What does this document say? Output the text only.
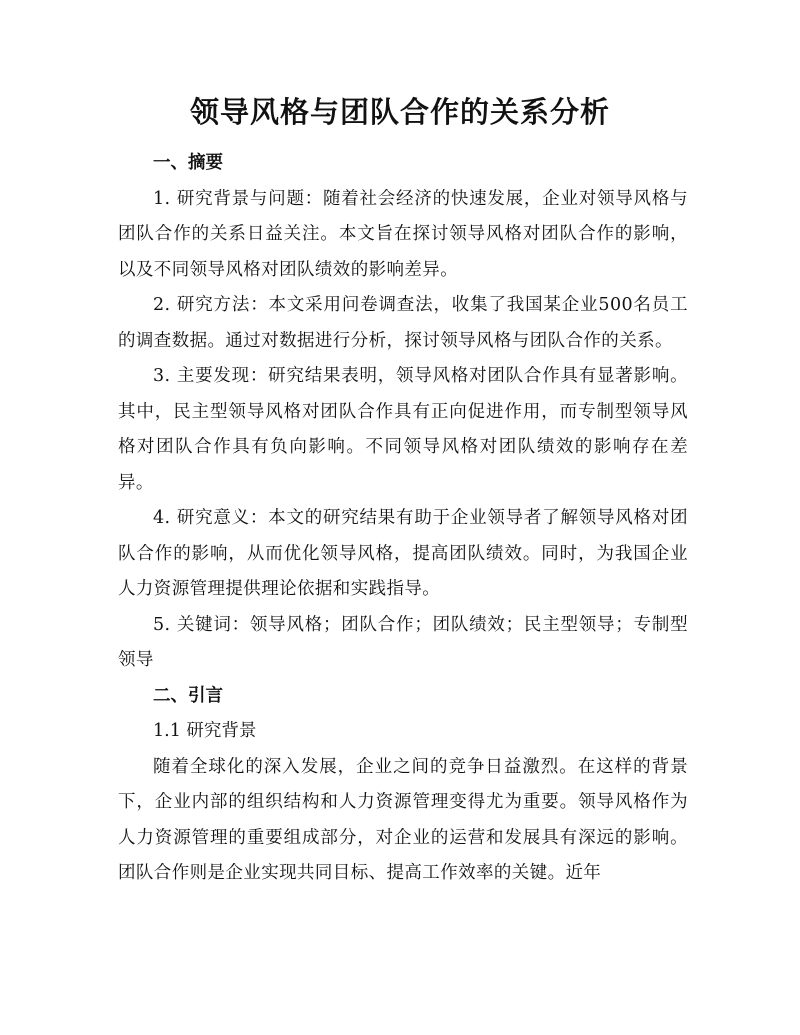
领导风格与团队合作的关系分析

一、摘要

1. 研究背景与问题：随着社会经济的快速发展，企业对领导风格与团队合作的关系日益关注。本文旨在探讨领导风格对团队合作的影响，以及不同领导风格对团队绩效的影响差异。

2. 研究方法：本文采用问卷调查法，收集了我国某企业500名员工的调查数据。通过对数据进行分析，探讨领导风格与团队合作的关系。

3. 主要发现：研究结果表明，领导风格对团队合作具有显著影响。其中，民主型领导风格对团队合作具有正向促进作用，而专制型领导风格对团队合作具有负向影响。不同领导风格对团队绩效的影响存在差异。

4. 研究意义：本文的研究结果有助于企业领导者了解领导风格对团队合作的影响，从而优化领导风格，提高团队绩效。同时，为我国企业人力资源管理提供理论依据和实践指导。

5. 关键词：领导风格；团队合作；团队绩效；民主型领导；专制型领导

二、引言

1.1 研究背景

随着全球化的深入发展，企业之间的竞争日益激烈。在这样的背景下，企业内部的组织结构和人力资源管理变得尤为重要。领导风格作为人力资源管理的重要组成部分，对企业的运营和发展具有深远的影响。团队合作则是企业实现共同目标、提高工作效率的关键。近年
